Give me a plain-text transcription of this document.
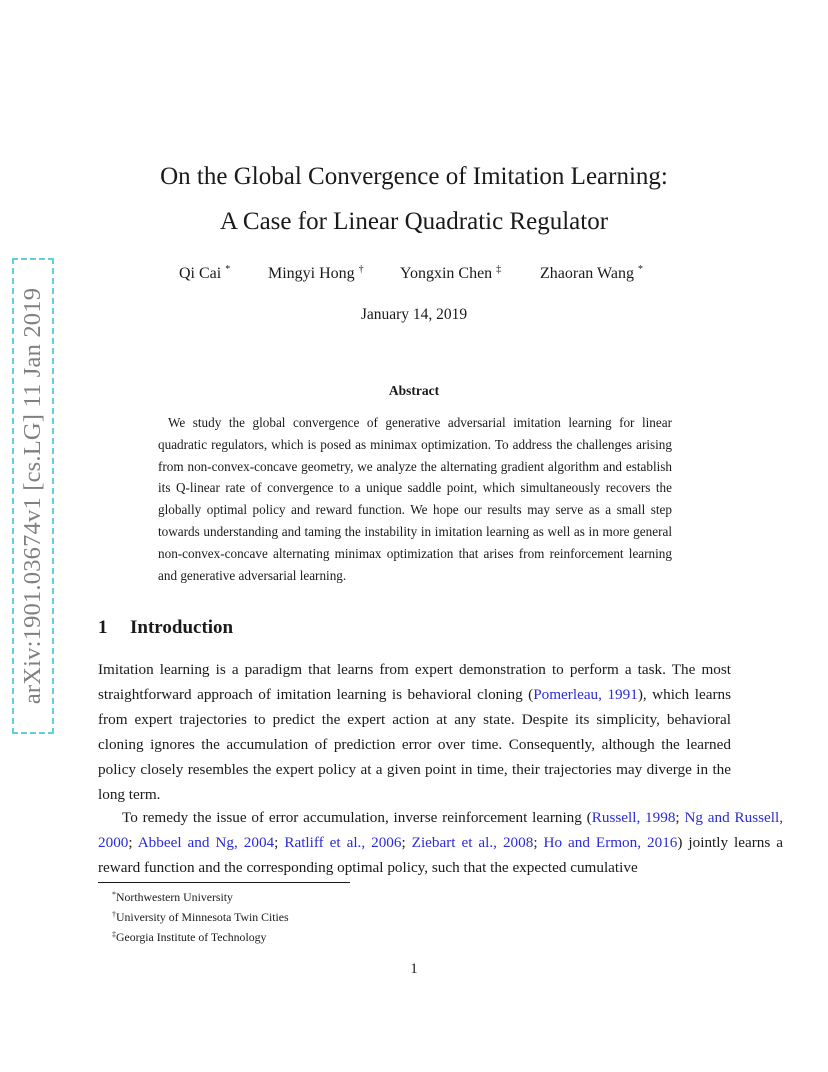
arXiv:1901.03674v1 [cs.LG] 11 Jan 2019
On the Global Convergence of Imitation Learning:
A Case for Linear Quadratic Regulator
Qi Cai * Mingyi Hong † Yongxin Chen ‡ Zhaoran Wang *
January 14, 2019
Abstract

We study the global convergence of generative adversarial imitation learning for linear quadratic regulators, which is posed as minimax optimization. To address the challenges arising from non-convex-concave geometry, we analyze the alternating gradient algorithm and establish its Q-linear rate of convergence to a unique saddle point, which simultaneously recovers the globally optimal policy and reward function. We hope our results may serve as a small step towards understanding and taming the instability in imitation learning as well as in more general non-convex-concave alternating minimax optimization that arises from reinforcement learning and generative adversarial learning.

1 Introduction

Imitation learning is a paradigm that learns from expert demonstration to perform a task. The most straightforward approach of imitation learning is behavioral cloning (Pomerleau, 1991), which learns from expert trajectories to predict the expert action at any state. Despite its simplicity, behavioral cloning ignores the accumulation of prediction error over time. Consequently, although the learned policy closely resembles the expert policy at a given point in time, their trajectories may diverge in the long term.

To remedy the issue of error accumulation, inverse reinforcement learning (Russell, 1998; Ng and Russell, 2000; Abbeel and Ng, 2004; Ratliff et al., 2006; Ziebart et al., 2008; Ho and Ermon, 2016) jointly learns a reward function and the corresponding optimal policy, such that the expected cumulative

*Northwestern University
†University of Minnesota Twin Cities
‡Georgia Institute of Technology
1
